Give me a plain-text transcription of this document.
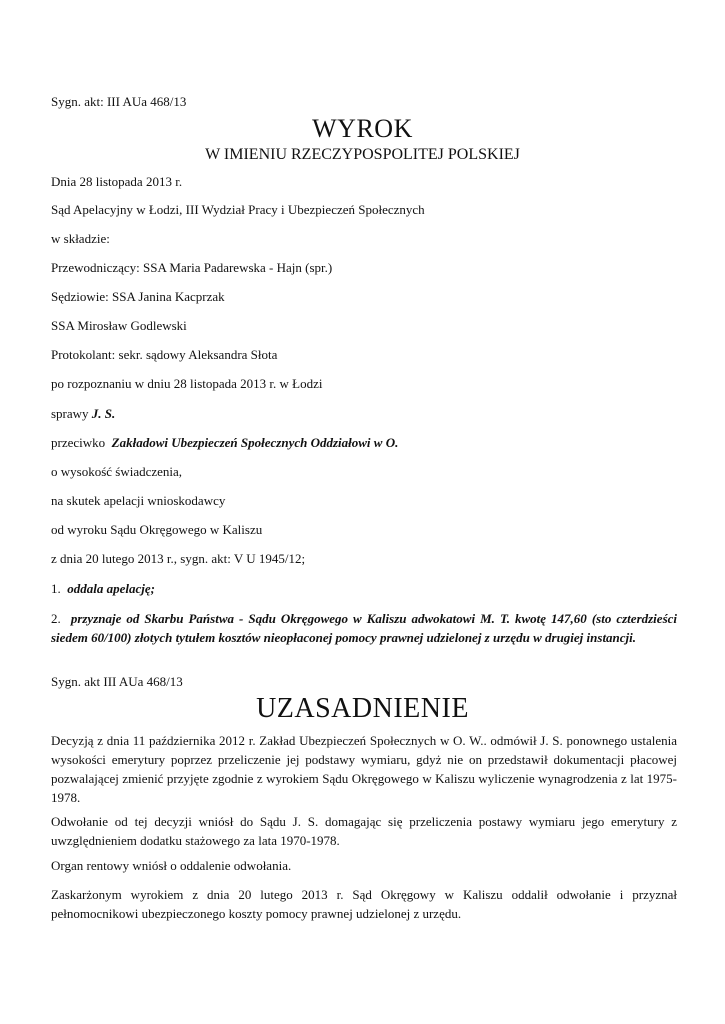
Sygn. akt: III AUa 468/13
WYROK
W IMIENIU RZECZYPOSPOLITEJ POLSKIEJ
Dnia 28 listopada 2013 r.
Sąd Apelacyjny w Łodzi, III Wydział Pracy i Ubezpieczeń Społecznych
w składzie:
Przewodniczący: SSA Maria Padarewska - Hajn (spr.)
Sędziowie: SSA Janina Kacprzak
SSA Mirosław Godlewski
Protokolant: sekr. sądowy Aleksandra Słota
po rozpoznaniu w dniu 28 listopada 2013 r. w Łodzi
sprawy J. S.
przeciwko  Zakładowi Ubezpieczeń Społecznych Oddziałowi w O.
o wysokość świadczenia,
na skutek apelacji wnioskodawcy
od wyroku Sądu Okręgowego w Kaliszu
z dnia 20 lutego 2013 r., sygn. akt: V U 1945/12;
1.  oddala apelację;
2.  przyznaje od Skarbu Państwa - Sądu Okręgowego w Kaliszu adwokatowi M. T. kwotę 147,60 (sto czterdzieści siedem 60/100) złotych tytułem kosztów nieopłaconej pomocy prawnej udzielonej z urzędu w drugiej instancji.
Sygn. akt III AUa 468/13
UZASADNIENIE
Decyzją z dnia 11 października 2012 r. Zakład Ubezpieczeń Społecznych w O. W.. odmówił J. S. ponownego ustalenia wysokości emerytury poprzez przeliczenie jej podstawy wymiaru, gdyż nie on przedstawił dokumentacji płacowej pozwalającej zmienić przyjęte zgodnie z wyrokiem Sądu Okręgowego w Kaliszu wyliczenie wynagrodzenia z lat 1975-1978.
Odwołanie od tej decyzji wniósł do Sądu J. S. domagając się przeliczenia postawy wymiaru jego emerytury z uwzględnieniem dodatku stażowego za lata 1970-1978.
Organ rentowy wniósł o oddalenie odwołania.
Zaskarżonym wyrokiem z dnia 20 lutego 2013 r. Sąd Okręgowy w Kaliszu oddalił odwołanie i przyznał pełnomocnikowi ubezpieczonego koszty pomocy prawnej udzielonej z urzędu.
